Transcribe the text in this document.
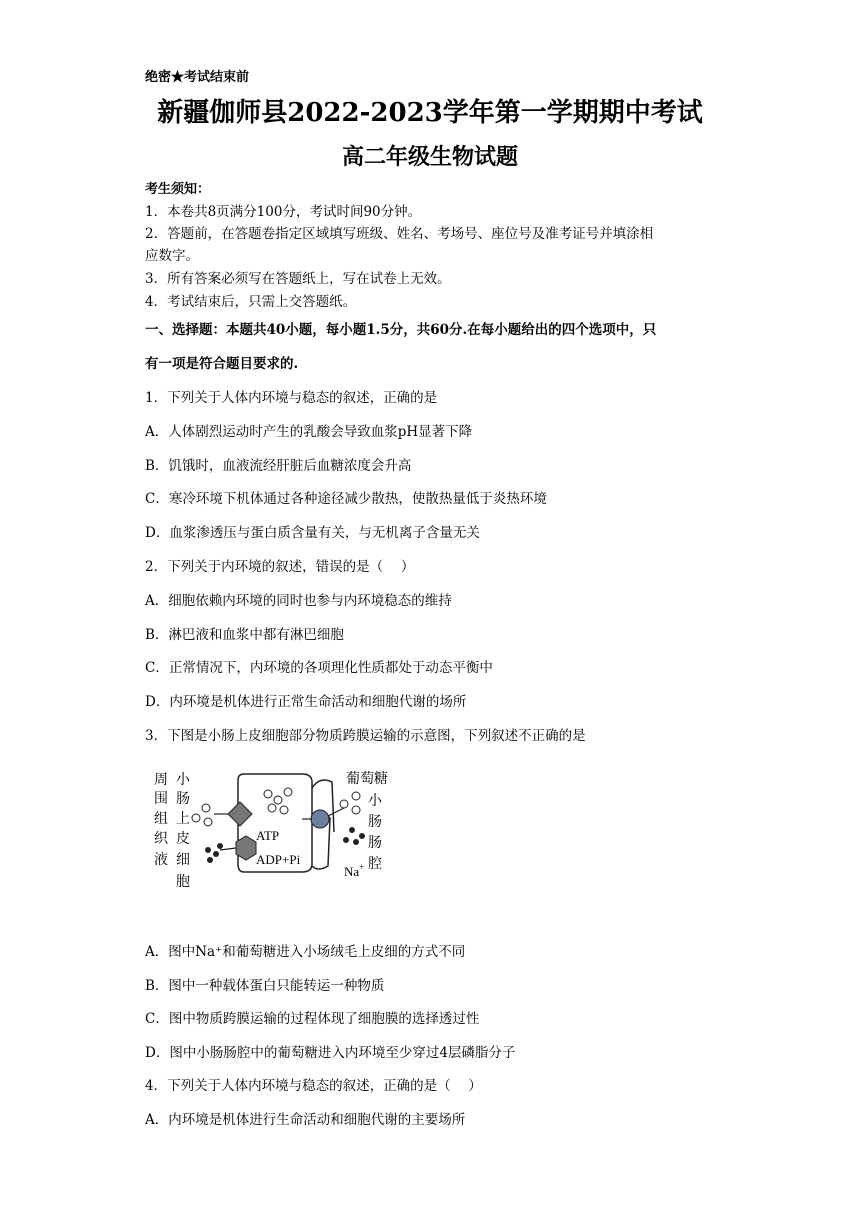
绝密★考试结束前
新疆伽师县2022-2023学年第一学期期中考试
高二年级生物试题
考生须知：
1．本卷共8页满分100分，考试时间90分钟。
2．答题前，在答题卷指定区域填写班级、姓名、考场号、座位号及准考证号并填涂相
应数字。
3．所有答案必须写在答题纸上，写在试卷上无效。
4．考试结束后，只需上交答题纸。
一、选择题：本题共40小题，每小题1.5分，共60分.在每小题给出的四个选项中，只
有一项是符合题目要求的.
1．下列关于人体内环境与稳态的叙述，正确的是
A．人体剧烈运动时产生的乳酸会导致血浆pH显著下降
B．饥饿时，血液流经肝脏后血糖浓度会升高
C．寒冷环境下机体通过各种途径减少散热，使散热量低于炎热环境
D．血浆渗透压与蛋白质含量有关，与无机离子含量无关
2．下列关于内环境的叙述，错误的是（　 ）
A．细胞依赖内环境的同时也参与内环境稳态的维持
B．淋巴液和血浆中都有淋巴细胞
C．正常情况下，内环境的各项理化性质都处于动态平衡中
D．内环境是机体进行正常生命活动和细胞代谢的场所
3．下图是小肠上皮细胞部分物质跨膜运输的示意图，下列叙述不正确的是
周
围
组
织
液
小
肠
上
皮
细
胞
葡萄糖
小
肠
肠
腔
ATP
ADP+Pi
Na+
A．图中Na⁺和葡萄糖进入小场绒毛上皮细的方式不同
B．图中一种载体蛋白只能转运一种物质
C．图中物质跨膜运输的过程体现了细胞膜的选择透过性
D．图中小肠肠腔中的葡萄糖进入内环境至少穿过4层磷脂分子
4．下列关于人体内环境与稳态的叙述，正确的是（　 ）
A．内环境是机体进行生命活动和细胞代谢的主要场所
